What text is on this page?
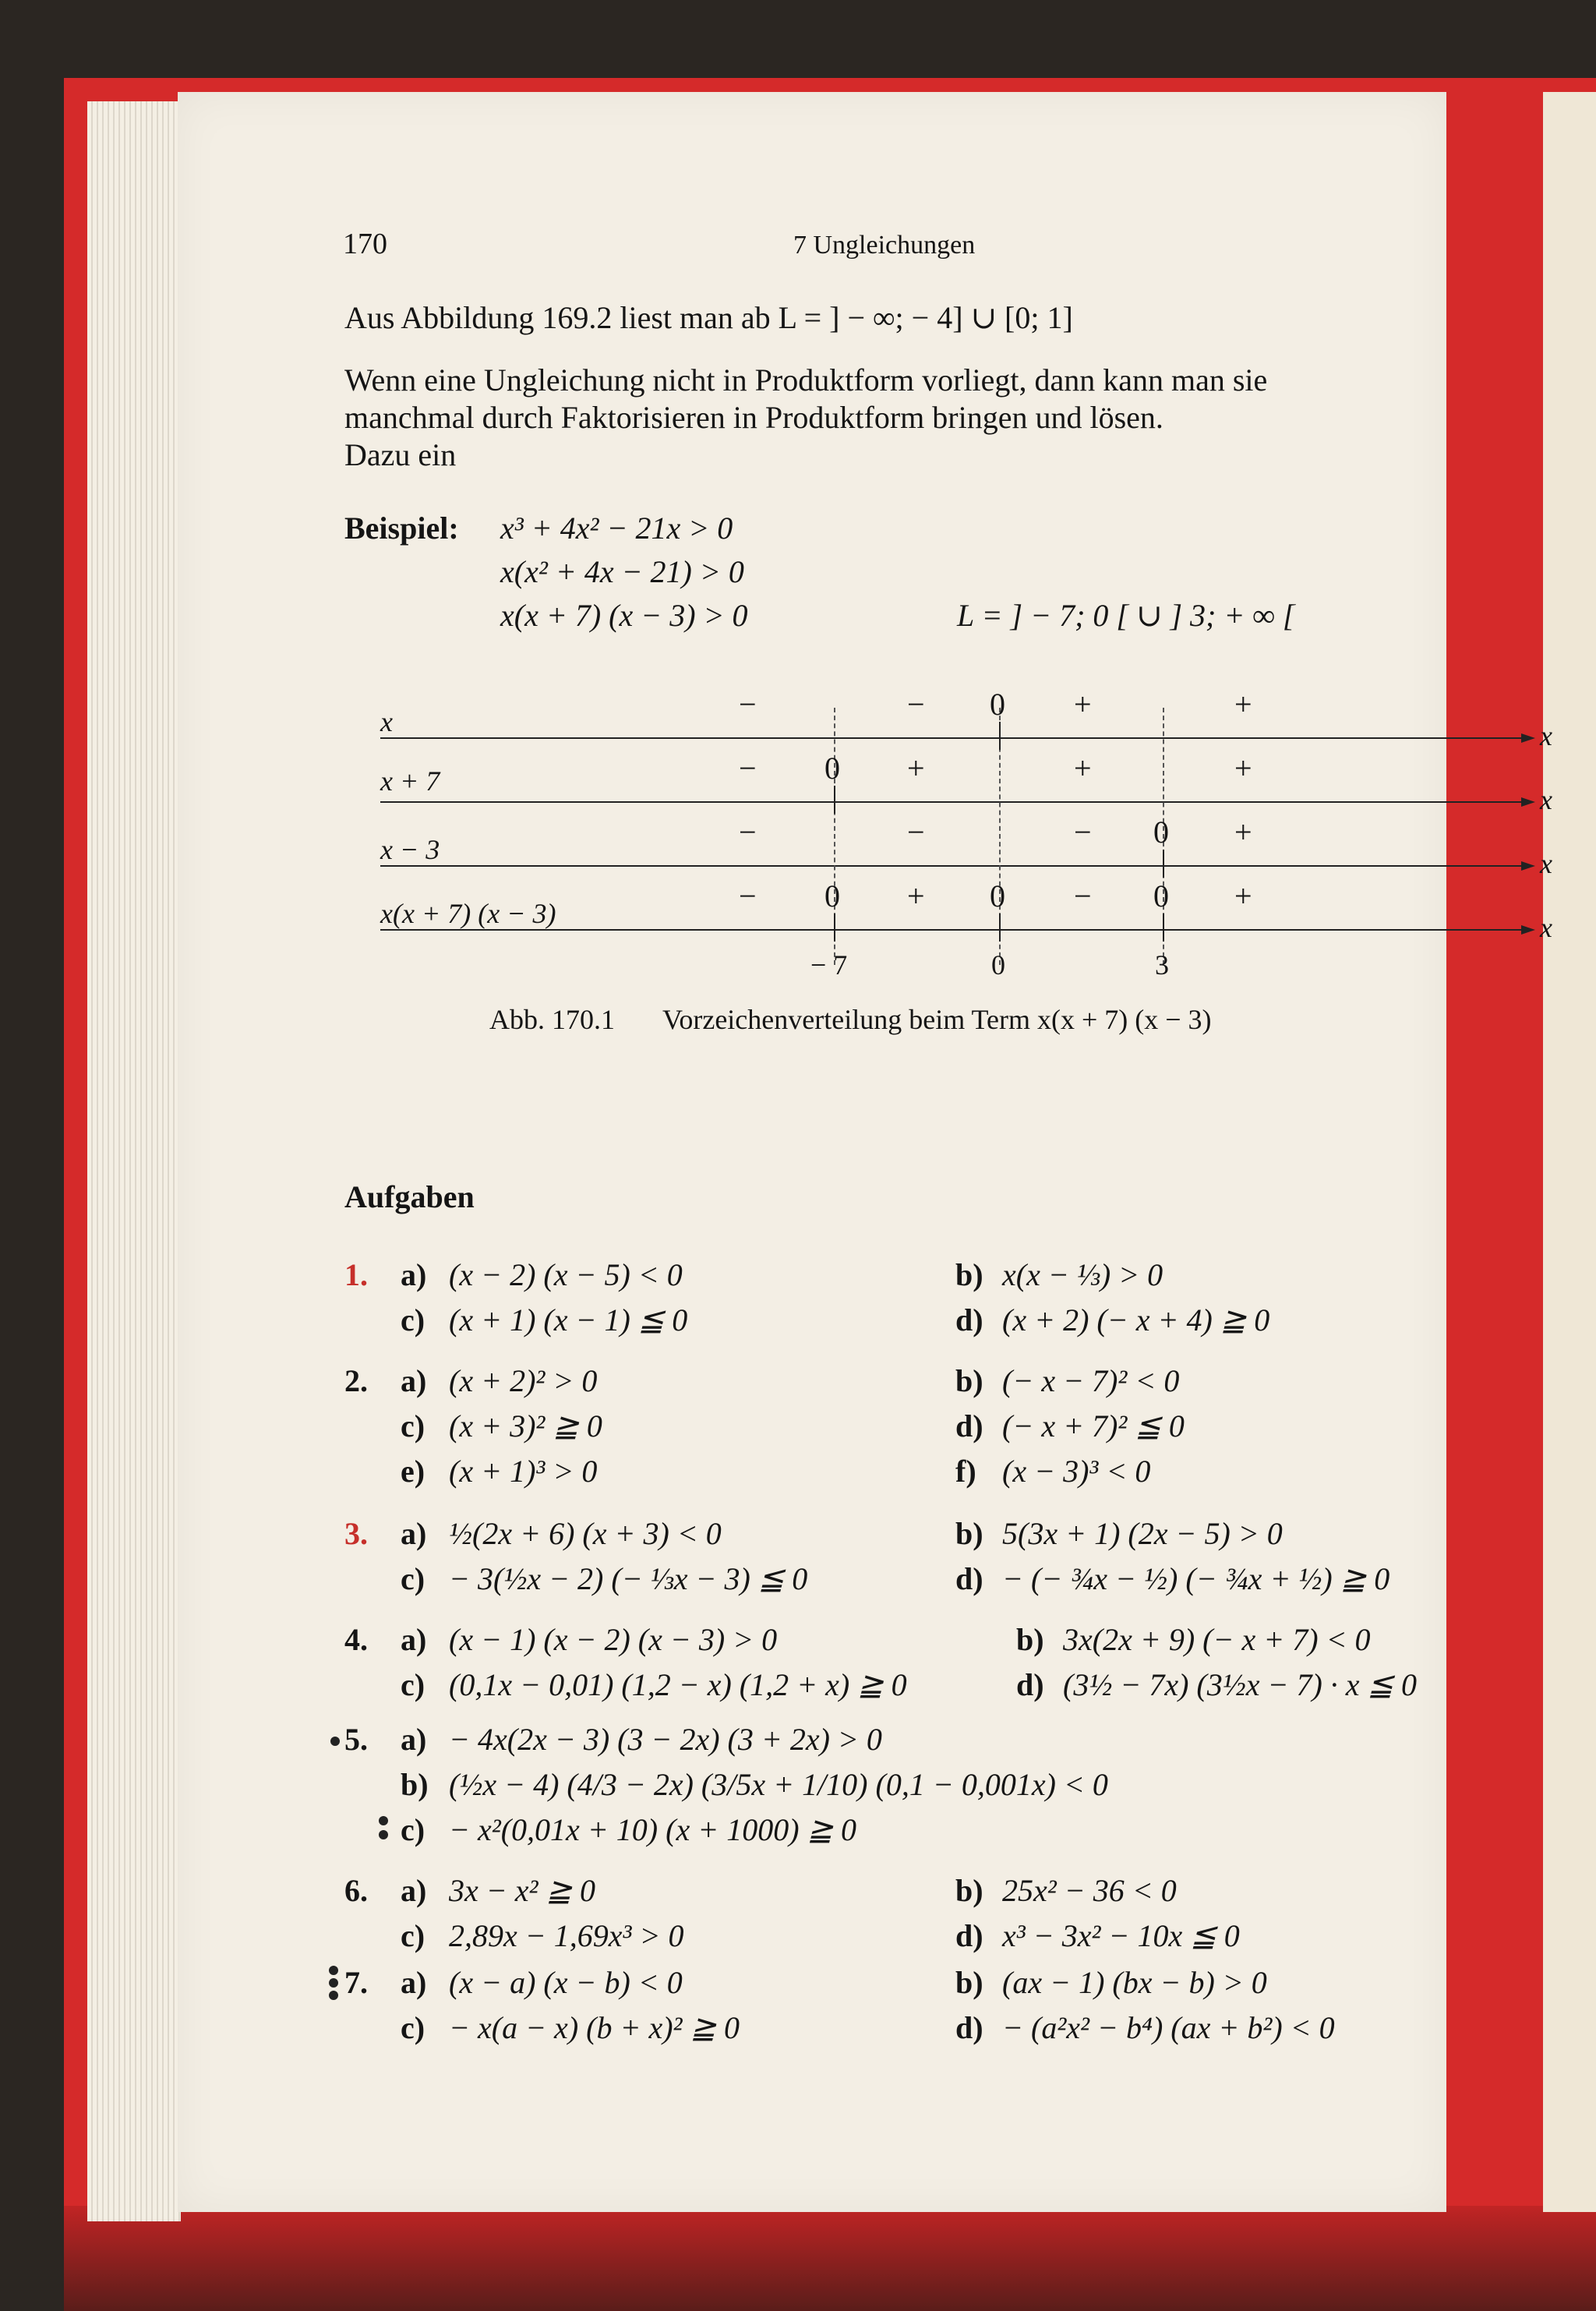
170	7 Ungleichungen
Aus Abbildung 169.2 liest man ab L = ] − ∞; − 4] ∪ [0; 1]
Wenn eine Ungleichung nicht in Produktform vorliegt, dann kann man sie
manchmal durch Faktorisieren in Produktform bringen und lösen.
Dazu ein
Beispiel: x³ + 4x² − 21x > 0
x(x² + 4x − 21) > 0
x(x + 7) (x − 3) > 0	L = ] − 7; 0 [ ∪ ] 3; + ∞ [
x
x + 7
x − 3
x(x + 7) (x − 3)
x
x
x
x
−	− 0 +	+
− 0 +	+	+
−	−	− 0 +
− 0 + 0 − 0 +
− 7	0	3
Abb. 170.1 Vorzeichenverteilung beim Term x(x + 7) (x − 3)
Aufgaben
1. a) (x − 2) (x − 5) < 0	b) x(x − ⅓) > 0
c) (x + 1) (x − 1) ≦ 0	d) (x + 2) (− x + 4) ≧ 0
2. a) (x + 2)² > 0	b) (− x − 7)² < 0
c) (x + 3)² ≧ 0	d) (− x + 7)² ≦ 0
e) (x + 1)³ > 0	f) (x − 3)³ < 0
3. a) ½(2x + 6) (x + 3) < 0	b) 5(3x + 1) (2x − 5) > 0
c) − 3(½x − 2) (− ⅓x − 3) ≦ 0	d) − (− ¾x − ½) (− ¾x + ½) ≧ 0
4. a) (x − 1) (x − 2) (x − 3) > 0	b) 3x(2x + 9) (− x + 7) < 0
c) (0,1x − 0,01) (1,2 − x) (1,2 + x) ≧ 0	d) (3½ − 7x) (3½x − 7) · x ≦ 0
5. a) − 4x(2x − 3) (3 − 2x) (3 + 2x) > 0
b) (½x − 4) (4/3 − 2x) (3/5x + 1/10) (0,1 − 0,001x) < 0
c) − x²(0,01x + 10) (x + 1000) ≧ 0
6. a) 3x − x² ≧ 0	b) 25x² − 36 < 0
c) 2,89x − 1,69x³ > 0	d) x³ − 3x² − 10x ≦ 0
7. a) (x − a) (x − b) < 0	b) (ax − 1) (bx − b) > 0
c) − x(a − x) (b + x)² ≧ 0	d) − (a²x² − b⁴) (ax + b²) < 0
